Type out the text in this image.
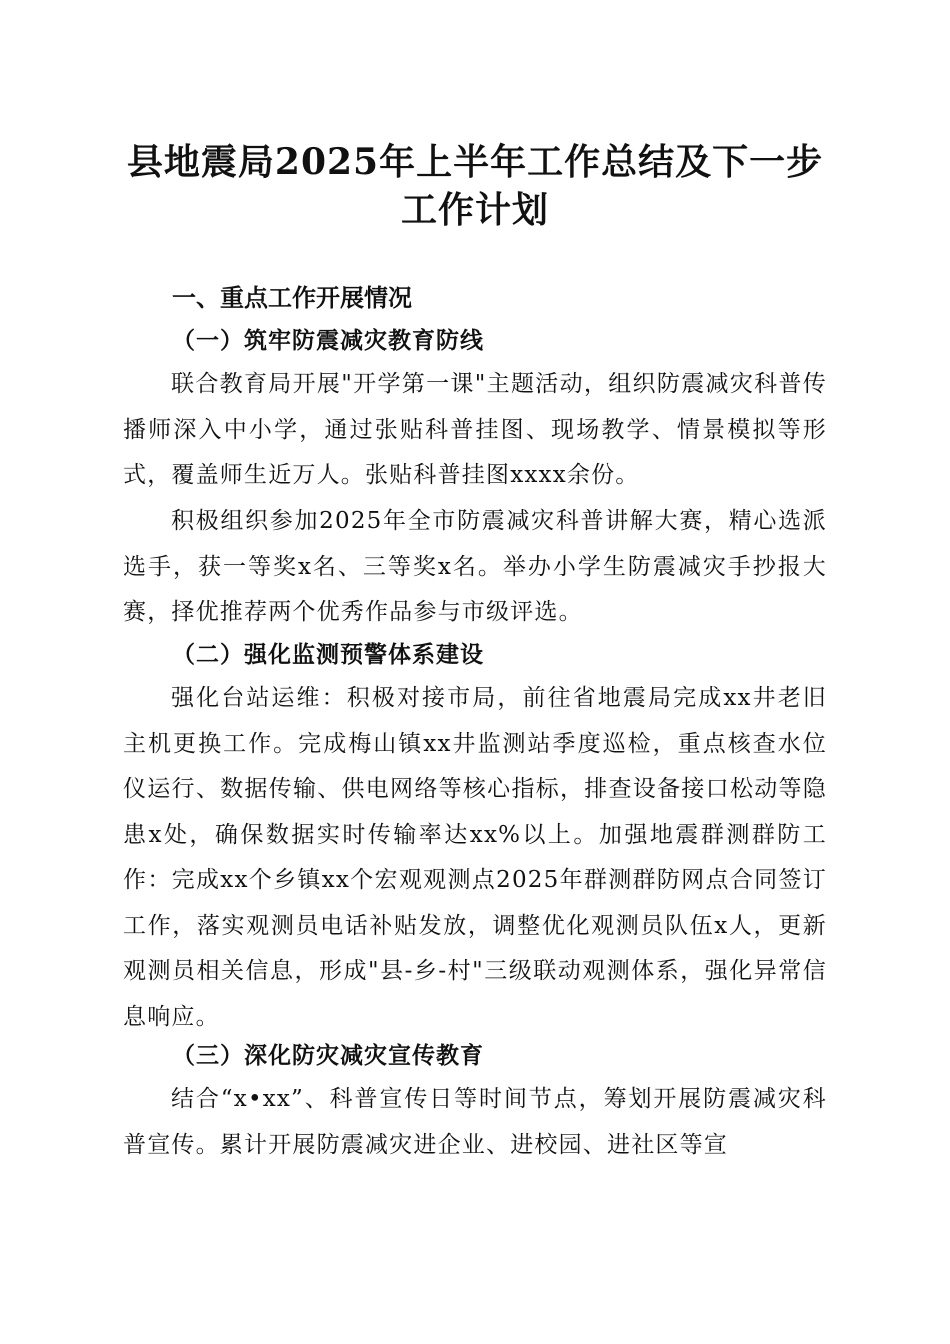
县地震局2025年上半年工作总结及下一步工作计划
一、重点工作开展情况
（一）筑牢防震减灾教育防线

联合教育局开展"开学第一课"主题活动，组织防震减灾科普传播师深入中小学，通过张贴科普挂图、现场教学、情景模拟等形式，覆盖师生近万人。张贴科普挂图xxxx余份。

积极组织参加2025年全市防震减灾科普讲解大赛，精心选派选手，获一等奖x名、三等奖x名。举办小学生防震减灾手抄报大赛，择优推荐两个优秀作品参与市级评选。

（二）强化监测预警体系建设

强化台站运维：积极对接市局，前往省地震局完成xx井老旧主机更换工作。完成梅山镇xx井监测站季度巡检，重点核查水位仪运行、数据传输、供电网络等核心指标，排查设备接口松动等隐患x处，确保数据实时传输率达xx%以上。加强地震群测群防工作：完成xx个乡镇xx个宏观观测点2025年群测群防网点合同签订工作，落实观测员电话补贴发放，调整优化观测员队伍x人，更新观测员相关信息，形成"县-乡-村"三级联动观测体系，强化异常信息响应。

（三）深化防灾减灾宣传教育

结合“x•xx”、科普宣传日等时间节点，筹划开展防震减灾科普宣传。累计开展防震减灾进企业、进校园、进社区等宣
